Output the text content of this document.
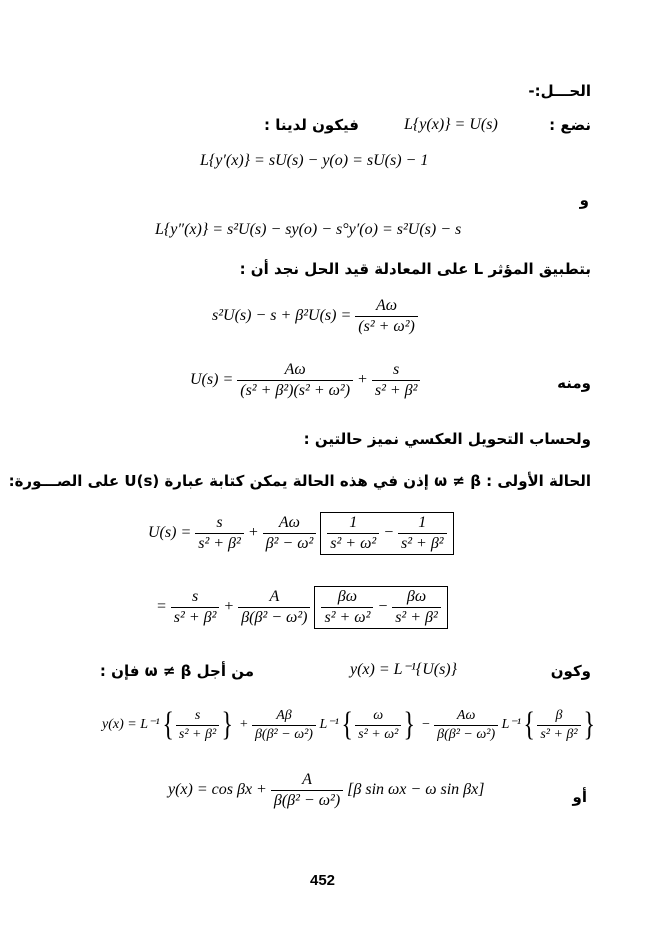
الحـــل:-
نضع :
L{y(x)} = U(s)
فيكون لدينا :
L{y′(x)} = sU(s) − y(o) = sU(s) − 1
و
L{y″(x)} = s²U(s) − sy(o) − s°y′(o) = s²U(s) − s
بتطبيق المؤثر L على المعادلة قيد الحل نجد أن :
$s^2U(s) - s + \beta^2U(s) = \frac{A\omega}{\text{(s² + ω²)}}$
ومنه
$U(s) = \frac{A\omega}{\text{(s² + β²)(s² + ω²)}} + \frac{s}{\text{s² + β²}}$
ولحساب التحويل العكسي نميز حالتين :
الحالة الأولى : ω ≠ β إذن في هذه الحالة يمكن كتابة عبارة U(s) على الصـــورة:
$U(s) = \frac{s}{\text{s² + β²}} + \frac{A\omega}{\text{β² − ω²}}$
$\frac{1}{\text{s² + ω²}} - \frac{1}{\text{s² + β²}}$
= $\frac{s}{\text{s² + β²}} + \frac{A}{\text{β(β² − ω²)}}$
$\frac{\beta\omega}{\text{s² + ω²}} - \frac{\beta\omega}{\text{s² + β²}}$
وكون
y(x) = L⁻¹{U(s)}
من أجل ω ≠ β فإن :
$y(x) = L^{-1}\{ \frac{s}{\text{s² + β²}}$ } + $\frac{A\beta}{\text{β(β² − ω²)}} L^{-1}\{ \frac{\omega}{\text{s² + ω²}}$ } − $\frac{A\omega}{\text{β(β² − ω²)}} L^{-1}\{ \frac{\beta}{\text{s² + β²}}$ }
أو
$y(x) = \cos \beta x + \frac{A}{\text{β(β² − ω²)}} [\beta$ sin ωx − ω sin βx]
452
